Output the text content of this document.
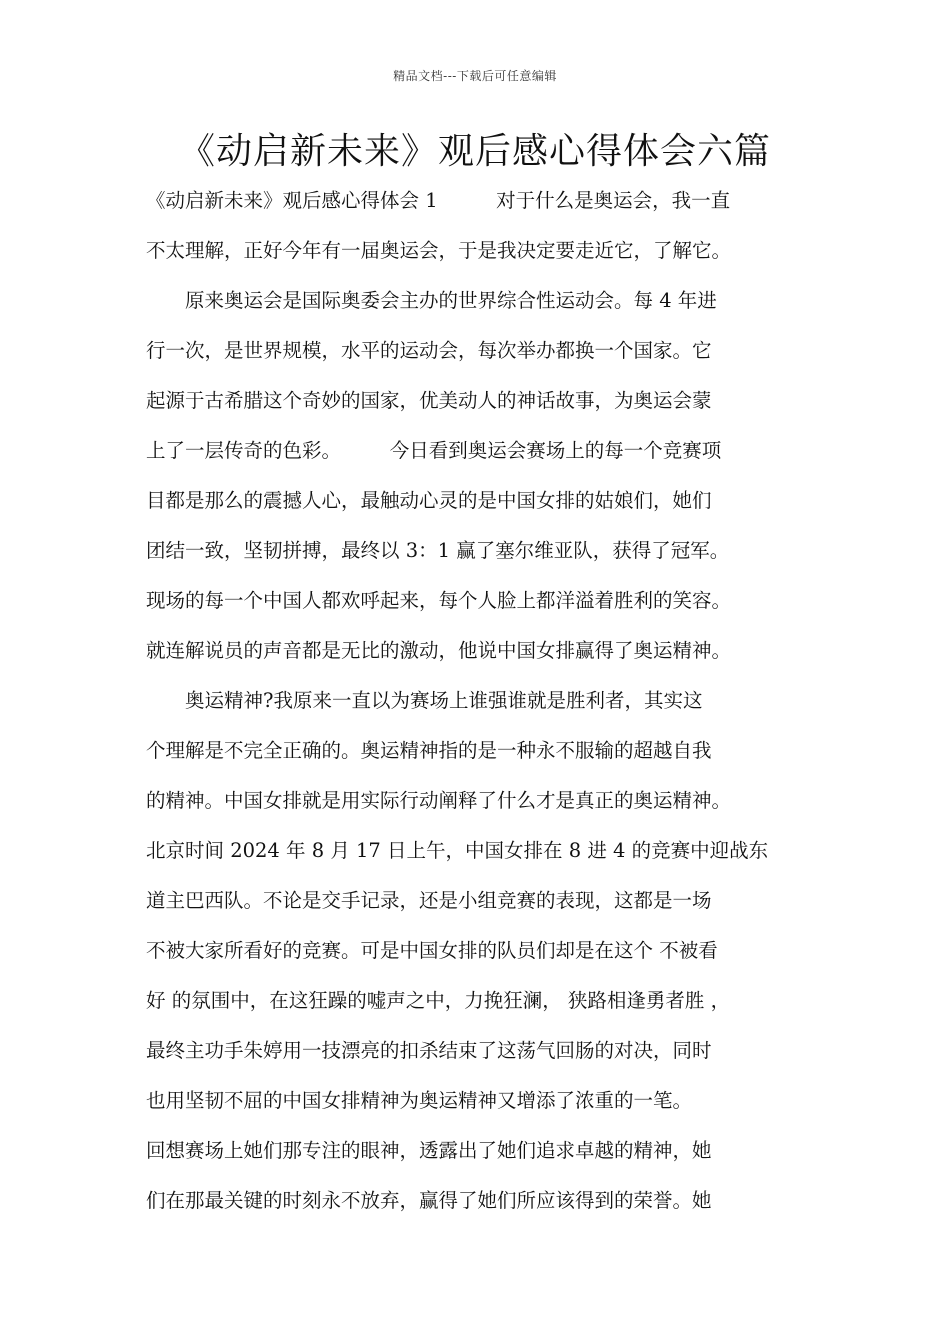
精品文档---下载后可任意编辑
《动启新未来》观后感心得体会六篇
《动启新未来》观后感心得体会 1　　　对于什么是奥运会，我一直
不太理解，正好今年有一届奥运会，于是我决定要走近它，了解它。
　　原来奥运会是国际奥委会主办的世界综合性运动会。每 4 年进
行一次，是世界规模，水平的运动会，每次举办都换一个国家。它
起源于古希腊这个奇妙的国家，优美动人的神话故事，为奥运会蒙
上了一层传奇的色彩。　　　今日看到奥运会赛场上的每一个竞赛项
目都是那么的震撼人心，最触动心灵的是中国女排的姑娘们，她们
团结一致，坚韧拼搏，最终以 3：1 赢了塞尔维亚队，获得了冠军。
现场的每一个中国人都欢呼起来，每个人脸上都洋溢着胜利的笑容。
就连解说员的声音都是无比的激动，他说中国女排赢得了奥运精神。
　　奥运精神?我原来一直以为赛场上谁强谁就是胜利者，其实这
个理解是不完全正确的。奥运精神指的是一种永不服输的超越自我
的精神。中国女排就是用实际行动阐释了什么才是真正的奥运精神。
北京时间 2024 年 8 月 17 日上午，中国女排在 8 进 4 的竞赛中迎战东
道主巴西队。不论是交手记录，还是小组竞赛的表现，这都是一场
不被大家所看好的竞赛。可是中国女排的队员们却是在这个 不被看
好 的氛围中，在这狂躁的嘘声之中，力挽狂澜， 狭路相逢勇者胜 ，
最终主功手朱婷用一技漂亮的扣杀结束了这荡气回肠的对决，同时
也用坚韧不屈的中国女排精神为奥运精神又增添了浓重的一笔。
回想赛场上她们那专注的眼神，透露出了她们追求卓越的精神，她
们在那最关键的时刻永不放弃，赢得了她们所应该得到的荣誉。她
